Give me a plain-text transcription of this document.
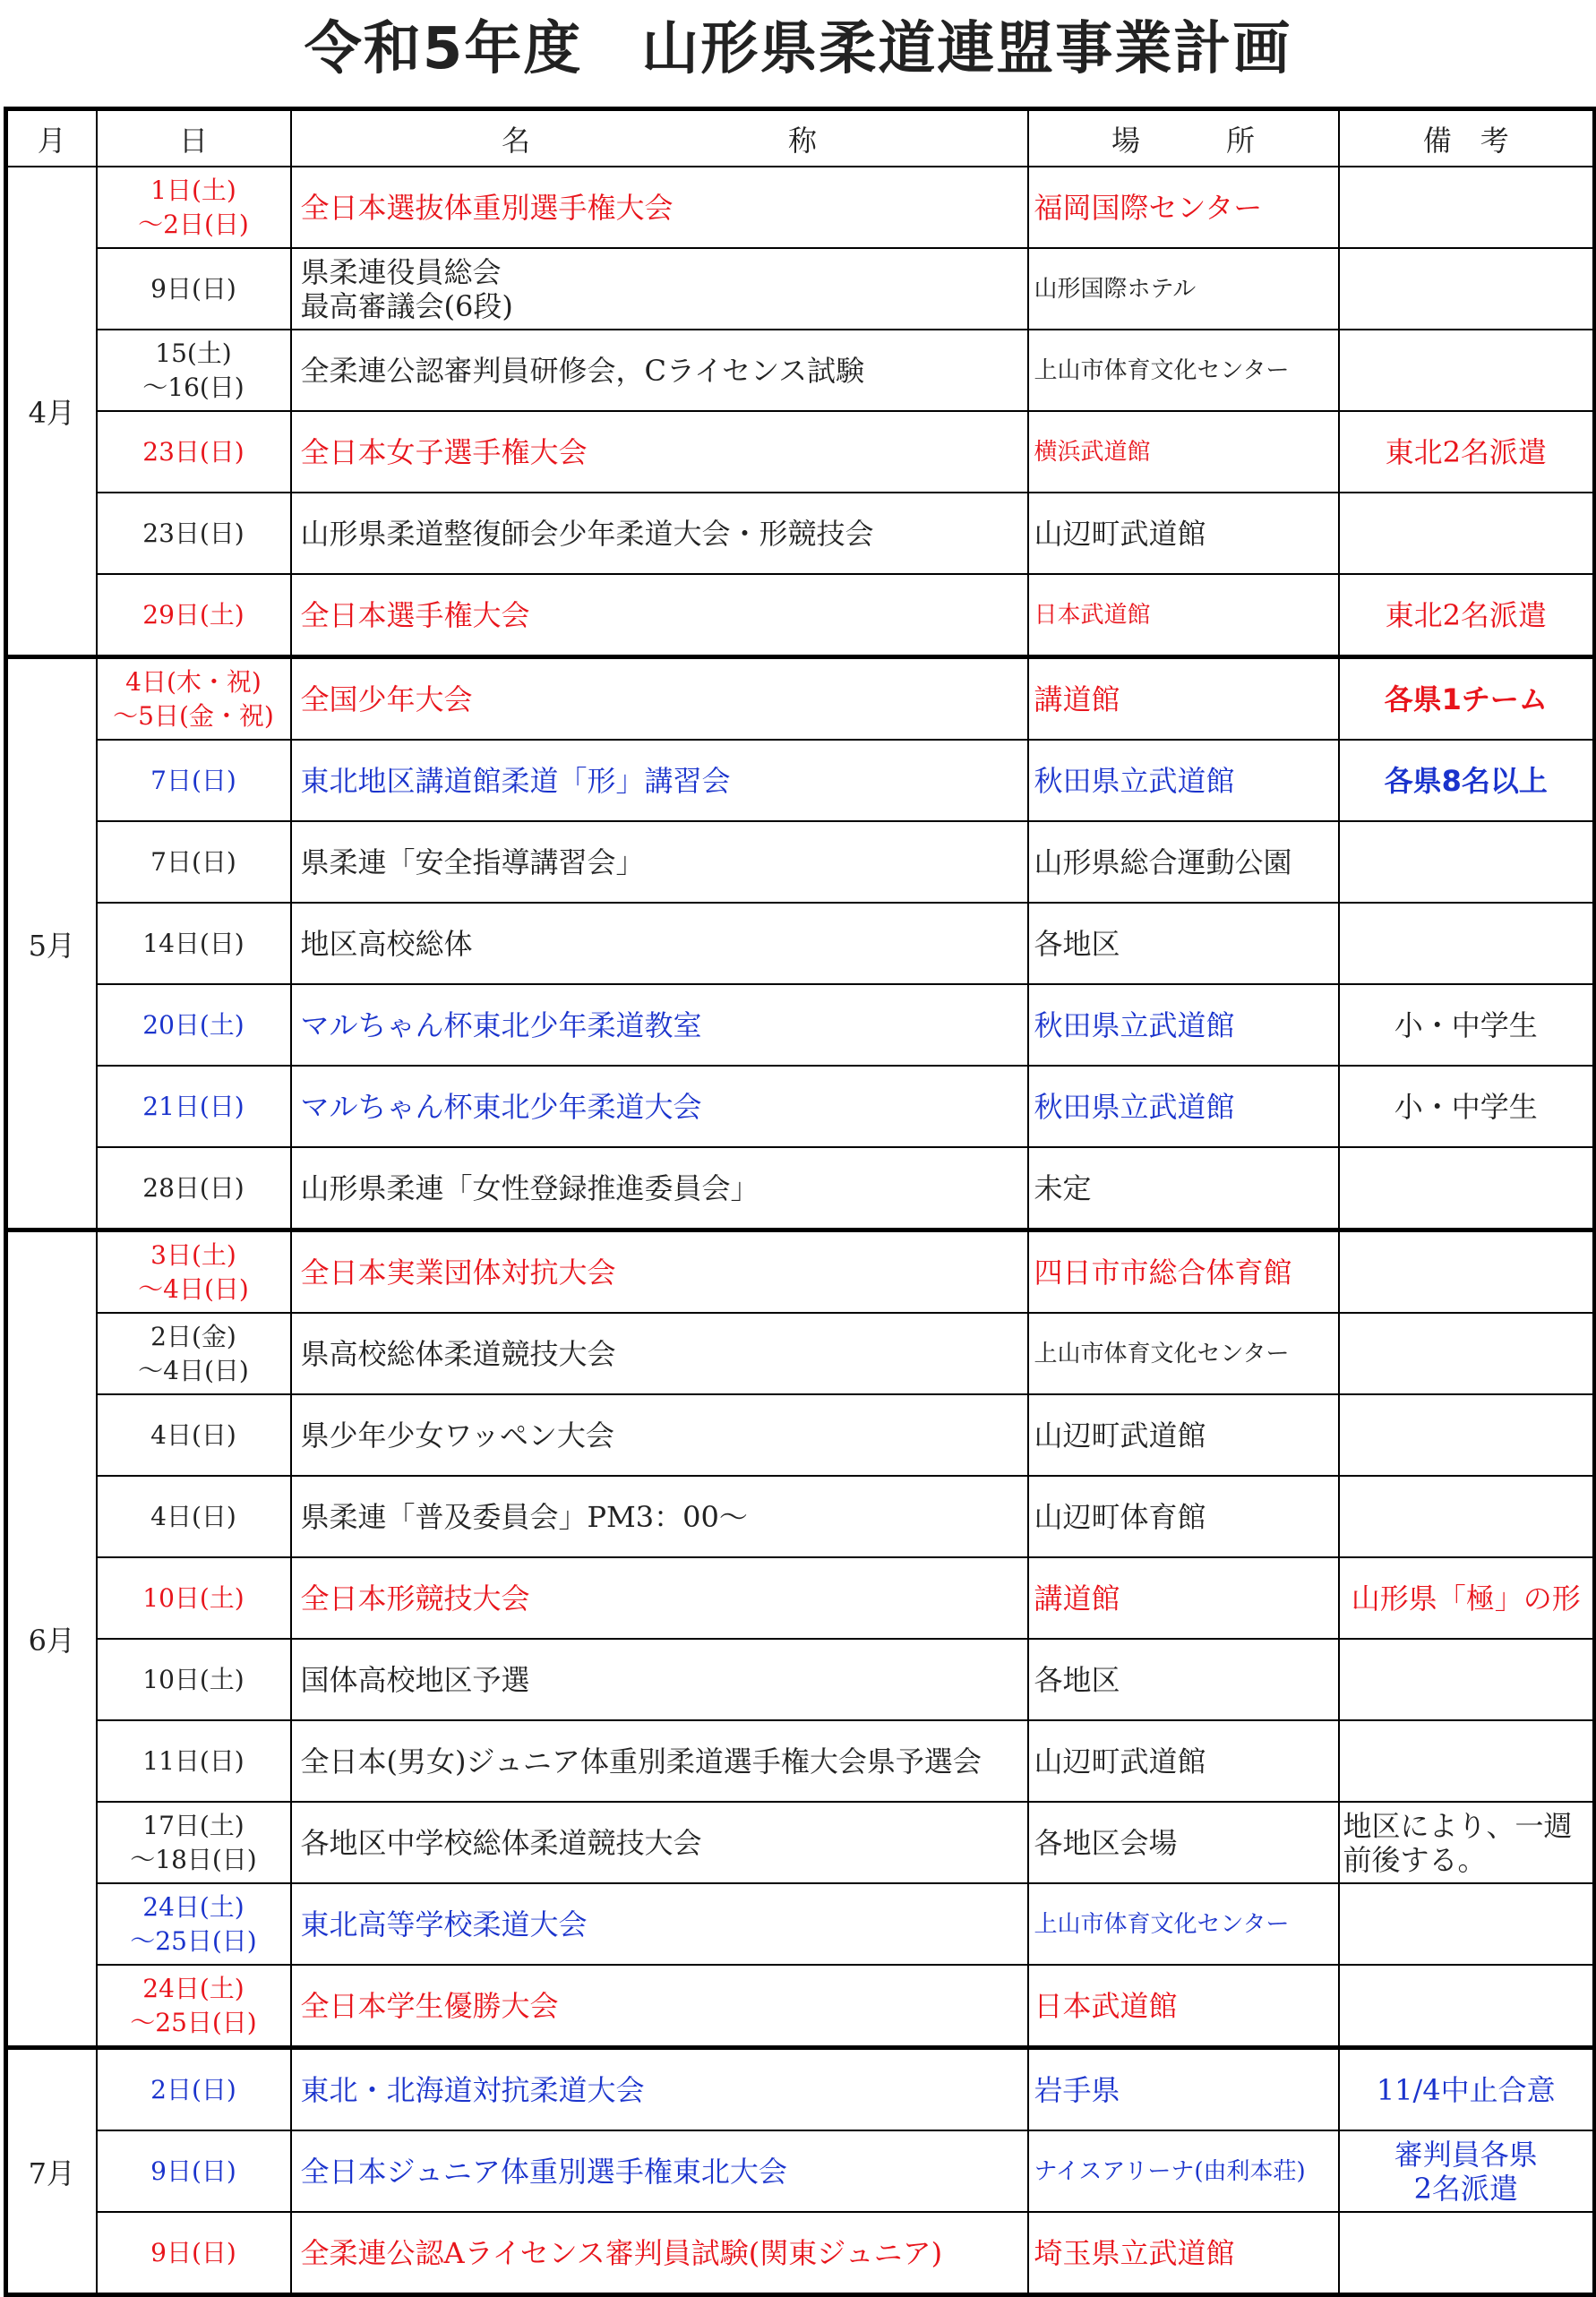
令和5年度　山形県柔道連盟事業計画
月	日	名　　　　　　　　　称	場　　　所	備　考
4月	1日(土)
～2日(日)	全日本選抜体重別選手権大会	福岡国際センター	
	9日(日)	県柔連役員総会
最高審議会(6段)	山形国際ホテル	
	15(土)
～16(日)	全柔連公認審判員研修会，Cライセンス試験	上山市体育文化センター	
	23日(日)	全日本女子選手権大会	横浜武道館	東北2名派遣
	23日(日)	山形県柔道整復師会少年柔道大会・形競技会	山辺町武道館	
	29日(土)	全日本選手権大会	日本武道館	東北2名派遣
5月	4日(木・祝)
～5日(金・祝)	全国少年大会	講道館	各県1チーム
	7日(日)	東北地区講道館柔道「形」講習会	秋田県立武道館	各県8名以上
	7日(日)	県柔連「安全指導講習会」	山形県総合運動公園	
	14日(日)	地区高校総体	各地区	
	20日(土)	マルちゃん杯東北少年柔道教室	秋田県立武道館	小・中学生
	21日(日)	マルちゃん杯東北少年柔道大会	秋田県立武道館	小・中学生
	28日(日)	山形県柔連「女性登録推進委員会」	未定	
6月	3日(土)
～4日(日)	全日本実業団体対抗大会	四日市市総合体育館	
	2日(金)
～4日(日)	県高校総体柔道競技大会	上山市体育文化センター	
	4日(日)	県少年少女ワッペン大会	山辺町武道館	
	4日(日)	県柔連「普及委員会」PM3：00～	山辺町体育館	
	10日(土)	全日本形競技大会	講道館	山形県「極」の形
	10日(土)	国体高校地区予選	各地区	
	11日(日)	全日本(男女)ジュニア体重別柔道選手権大会県予選会	山辺町武道館	
	17日(土)
～18日(日)	各地区中学校総体柔道競技大会	各地区会場	地区により、一週前後する。
	24日(土)
～25日(日)	東北高等学校柔道大会	上山市体育文化センター	
	24日(土)
～25日(日)	全日本学生優勝大会	日本武道館	
7月	2日(日)	東北・北海道対抗柔道大会	岩手県	11/4中止合意
	9日(日)	全日本ジュニア体重別選手権東北大会	ナイスアリーナ(由利本荘)	審判員各県
2名派遣
	9日(日)	全柔連公認Aライセンス審判員試験(関東ジュニア)	埼玉県立武道館	
